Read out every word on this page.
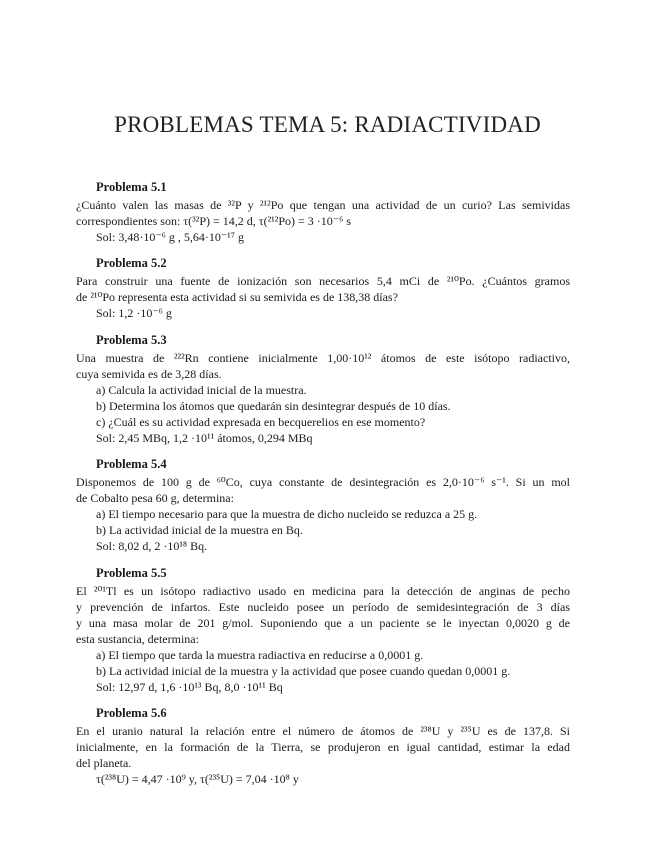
PROBLEMAS TEMA 5: RADIACTIVIDAD
Problema 5.1
¿Cuánto valen las masas de ³²P y ²¹²Po que tengan una actividad de un curio? Las semividas
correspondientes son: τ(³²P) = 14,2 d, τ(²¹²Po) = 3 ·10⁻⁶ s
Sol: 3,48·10⁻⁶ g , 5,64·10⁻¹⁷ g
Problema 5.2
Para construir una fuente de ionización son necesarios 5,4 mCi de ²¹⁰Po. ¿Cuántos gramos
de ²¹⁰Po representa esta actividad si su semivida es de 138,38 días?
Sol: 1,2 ·10⁻⁶ g
Problema 5.3
Una muestra de ²²²Rn contiene inicialmente 1,00·10¹² átomos de este isótopo radiactivo,
cuya semivida es de 3,28 días.
a) Calcula la actividad inicial de la muestra.
b) Determina los átomos que quedarán sin desintegrar después de 10 días.
c) ¿Cuál es su actividad expresada en becquerelios en ese momento?
Sol: 2,45 MBq, 1,2 ·10¹¹ átomos, 0,294 MBq
Problema 5.4
Disponemos de 100 g de ⁶⁰Co, cuya constante de desintegración es 2,0·10⁻⁶ s⁻¹. Si un mol
de Cobalto pesa 60 g, determina:
a) El tiempo necesario para que la muestra de dicho nucleido se reduzca a 25 g.
b) La actividad inicial de la muestra en Bq.
Sol: 8,02 d, 2 ·10¹⁸ Bq.
Problema 5.5
El ²⁰¹Tl es un isótopo radiactivo usado en medicina para la detección de anginas de pecho
y prevención de infartos. Este nucleido posee un período de semidesintegración de 3 días
y una masa molar de 201 g/mol. Suponiendo que a un paciente se le inyectan 0,0020 g de
esta sustancia, determina:
a) El tiempo que tarda la muestra radiactiva en reducirse a 0,0001 g.
b) La actividad inicial de la muestra y la actividad que posee cuando quedan 0,0001 g.
Sol: 12,97 d, 1,6 ·10¹³ Bq, 8,0 ·10¹¹ Bq
Problema 5.6
En el uranio natural la relación entre el número de átomos de ²³⁸U y ²³⁵U es de 137,8. Si
inicialmente, en la formación de la Tierra, se produjeron en igual cantidad, estimar la edad
del planeta.
τ(²³⁸U) = 4,47 ·10⁹ y, τ(²³⁵U) = 7,04 ·10⁸ y
